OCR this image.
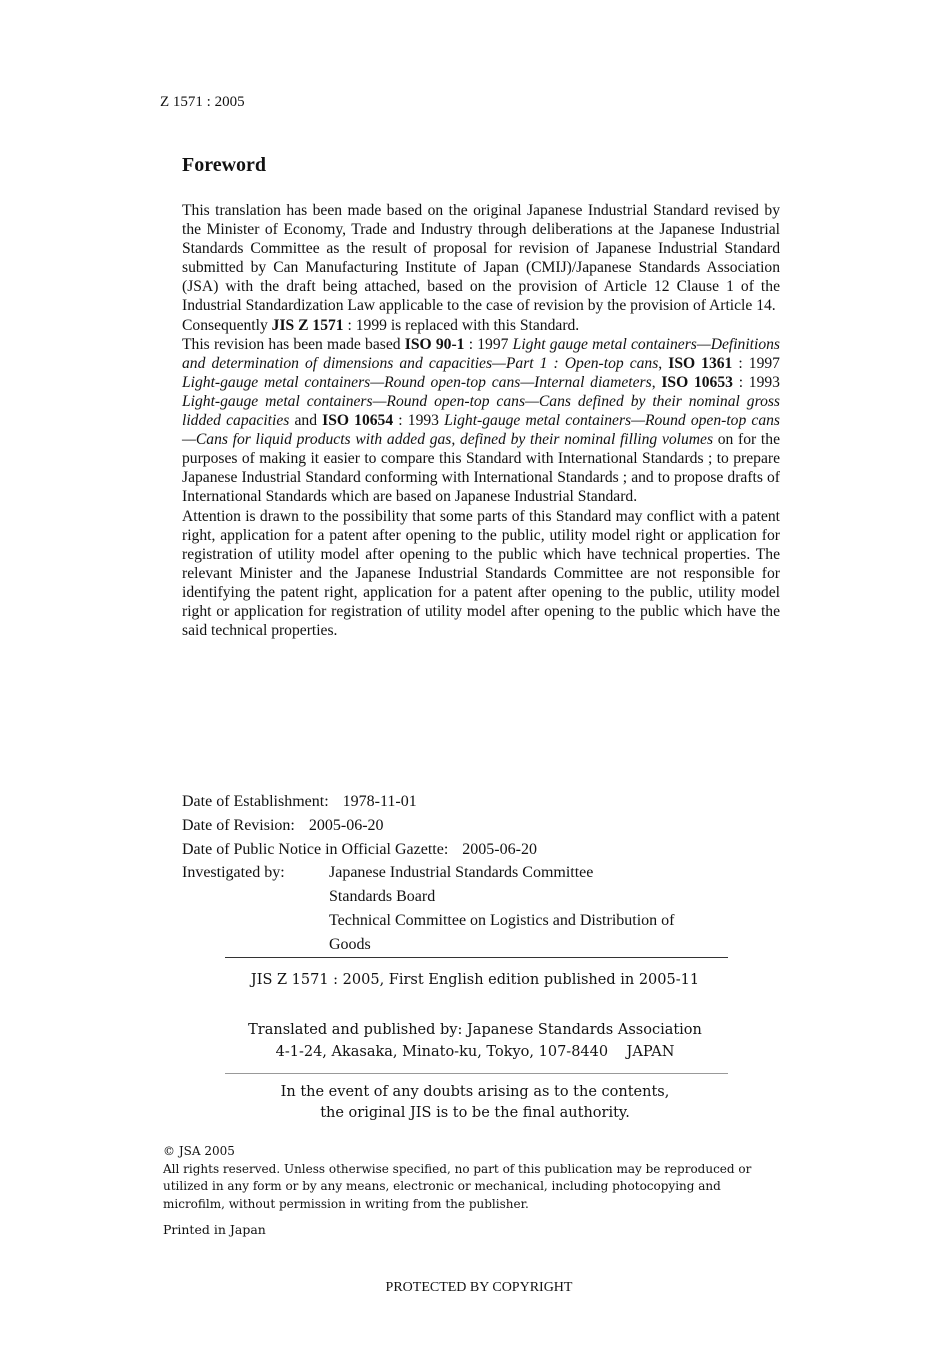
Z 1571 : 2005
Foreword

This translation has been made based on the original Japanese Industrial Standard revised by the Minister of Economy, Trade and Industry through deliberations at the Japanese Industrial Standards Committee as the result of proposal for revision of Japanese Industrial Standard submitted by Can Manufacturing Institute of Japan (CMIJ)/Japanese Standards Association (JSA) with the draft being attached, based on the provision of Article 12 Clause 1 of the Industrial Standardization Law applicable to the case of revision by the provision of Article 14.

Consequently JIS Z 1571 : 1999 is replaced with this Standard.

This revision has been made based ISO 90-1 : 1997 Light gauge metal containers—Definitions and determination of dimensions and capacities—Part 1 : Open-top cans, ISO 1361 : 1997 Light-gauge metal containers—Round open-top cans—Internal diameters, ISO 10653 : 1993 Light-gauge metal containers—Round open-top cans—Cans defined by their nominal gross lidded capacities and ISO 10654 : 1993 Light-gauge metal containers—Round open-top cans—Cans for liquid products with added gas, defined by their nominal filling volumes on for the purposes of making it easier to compare this Standard with International Standards ; to prepare Japanese Industrial Standard conforming with International Standards ; and to propose drafts of International Standards which are based on Japanese Industrial Standard.

Attention is drawn to the possibility that some parts of this Standard may conflict with a patent right, application for a patent after opening to the public, utility model right or application for registration of utility model after opening to the public which have technical properties. The relevant Minister and the Japanese Industrial Standards Committee are not responsible for identifying the patent right, application for a patent after opening to the public, utility model right or application for registration of utility model after opening to the public which have the said technical properties.

Date of Establishment: 1978-11-01
Date of Revision: 2005-06-20
Date of Public Notice in Official Gazette: 2005-06-20
Investigated by:	Japanese Industrial Standards Committee
Standards Board
Technical Committee on Logistics and Distribution of
Goods
JIS Z 1571 : 2005, First English edition published in 2005-11
Translated and published by: Japanese Standards Association
4-1-24, Akasaka, Minato-ku, Tokyo, 107-8440    JAPAN
In the event of any doubts arising as to the contents,
the original JIS is to be the final authority.

© JSA 2005

All rights reserved. Unless otherwise specified, no part of this publication may be reproduced or utilized in any form or by any means, electronic or mechanical, including photocopying and microfilm, without permission in writing from the publisher.

Printed in Japan
PROTECTED BY COPYRIGHT
